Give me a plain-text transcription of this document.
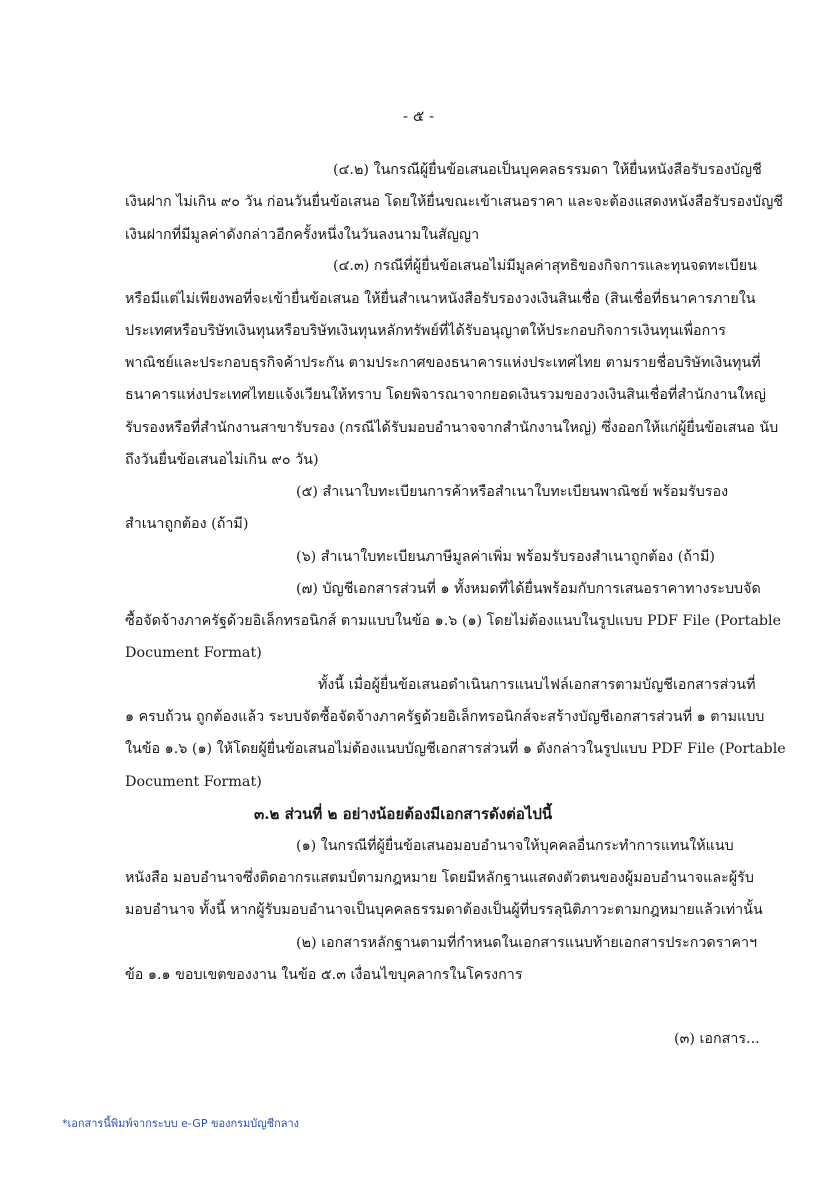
- ๕ -
(๔.๒) ในกรณีผู้ยื่นข้อเสนอเป็นบุคคลธรรมดา ให้ยื่นหนังสือรับรองบัญชี
เงินฝาก ไม่เกิน ๙๐ วัน ก่อนวันยื่นข้อเสนอ โดยให้ยื่นขณะเข้าเสนอราคา และจะต้องแสดงหนังสือรับรองบัญชี
เงินฝากที่มีมูลค่าดังกล่าวอีกครั้งหนึ่งในวันลงนามในสัญญา
(๔.๓) กรณีที่ผู้ยื่นข้อเสนอไม่มีมูลค่าสุทธิของกิจการและทุนจดทะเบียน
หรือมีแต่ไม่เพียงพอที่จะเข้ายื่นข้อเสนอ ให้ยื่นสำเนาหนังสือรับรองวงเงินสินเชื่อ (สินเชื่อที่ธนาคารภายใน
ประเทศหรือบริษัทเงินทุนหรือบริษัทเงินทุนหลักทรัพย์ที่ได้รับอนุญาตให้ประกอบกิจการเงินทุนเพื่อการ
พาณิชย์และประกอบธุรกิจค้าประกัน ตามประกาศของธนาคารแห่งประเทศไทย ตามรายชื่อบริษัทเงินทุนที่
ธนาคารแห่งประเทศไทยแจ้งเวียนให้ทราบ โดยพิจารณาจากยอดเงินรวมของวงเงินสินเชื่อที่สำนักงานใหญ่
รับรองหรือที่สำนักงานสาขารับรอง (กรณีได้รับมอบอำนาจจากสำนักงานใหญ่) ซึ่งออกให้แก่ผู้ยื่นข้อเสนอ นับ
ถึงวันยื่นข้อเสนอไม่เกิน ๙๐ วัน)
(๕) สำเนาใบทะเบียนการค้าหรือสำเนาใบทะเบียนพาณิชย์ พร้อมรับรอง
สำเนาถูกต้อง (ถ้ามี)
(๖) สำเนาใบทะเบียนภาษีมูลค่าเพิ่ม พร้อมรับรองสำเนาถูกต้อง (ถ้ามี)
(๗) บัญชีเอกสารส่วนที่ ๑ ทั้งหมดที่ได้ยื่นพร้อมกับการเสนอราคาทางระบบจัด
ซื้อจัดจ้างภาครัฐด้วยอิเล็กทรอนิกส์ ตามแบบในข้อ ๑.๖ (๑) โดยไม่ต้องแนบในรูปแบบ PDF File (Portable
Document Format)
ทั้งนี้ เมื่อผู้ยื่นข้อเสนอดำเนินการแนบไฟล์เอกสารตามบัญชีเอกสารส่วนที่
๑ ครบถ้วน ถูกต้องแล้ว ระบบจัดซื้อจัดจ้างภาครัฐด้วยอิเล็กทรอนิกส์จะสร้างบัญชีเอกสารส่วนที่ ๑ ตามแบบ
ในข้อ ๑.๖ (๑) ให้โดยผู้ยื่นข้อเสนอไม่ต้องแนบบัญชีเอกสารส่วนที่ ๑ ดังกล่าวในรูปแบบ PDF File (Portable
Document Format)
๓.๒ ส่วนที่ ๒ อย่างน้อยต้องมีเอกสารดังต่อไปนี้
(๑) ในกรณีที่ผู้ยื่นข้อเสนอมอบอำนาจให้บุคคลอื่นกระทำการแทนให้แนบ
หนังสือ มอบอำนาจซึ่งติดอากรแสตมป์ตามกฎหมาย โดยมีหลักฐานแสดงตัวตนของผู้มอบอำนาจและผู้รับ
มอบอำนาจ ทั้งนี้ หากผู้รับมอบอำนาจเป็นบุคคลธรรมดาต้องเป็นผู้ที่บรรลุนิติภาวะตามกฎหมายแล้วเท่านั้น
(๒) เอกสารหลักฐานตามที่กำหนดในเอกสารแนบท้ายเอกสารประกวดราคาฯ
ข้อ ๑.๑ ขอบเขตของงาน ในข้อ ๕.๓ เงื่อนไขบุคลากรในโครงการ
(๓) เอกสาร...
*เอกสารนี้พิมพ์จากระบบ e-GP ของกรมบัญชีกลาง
